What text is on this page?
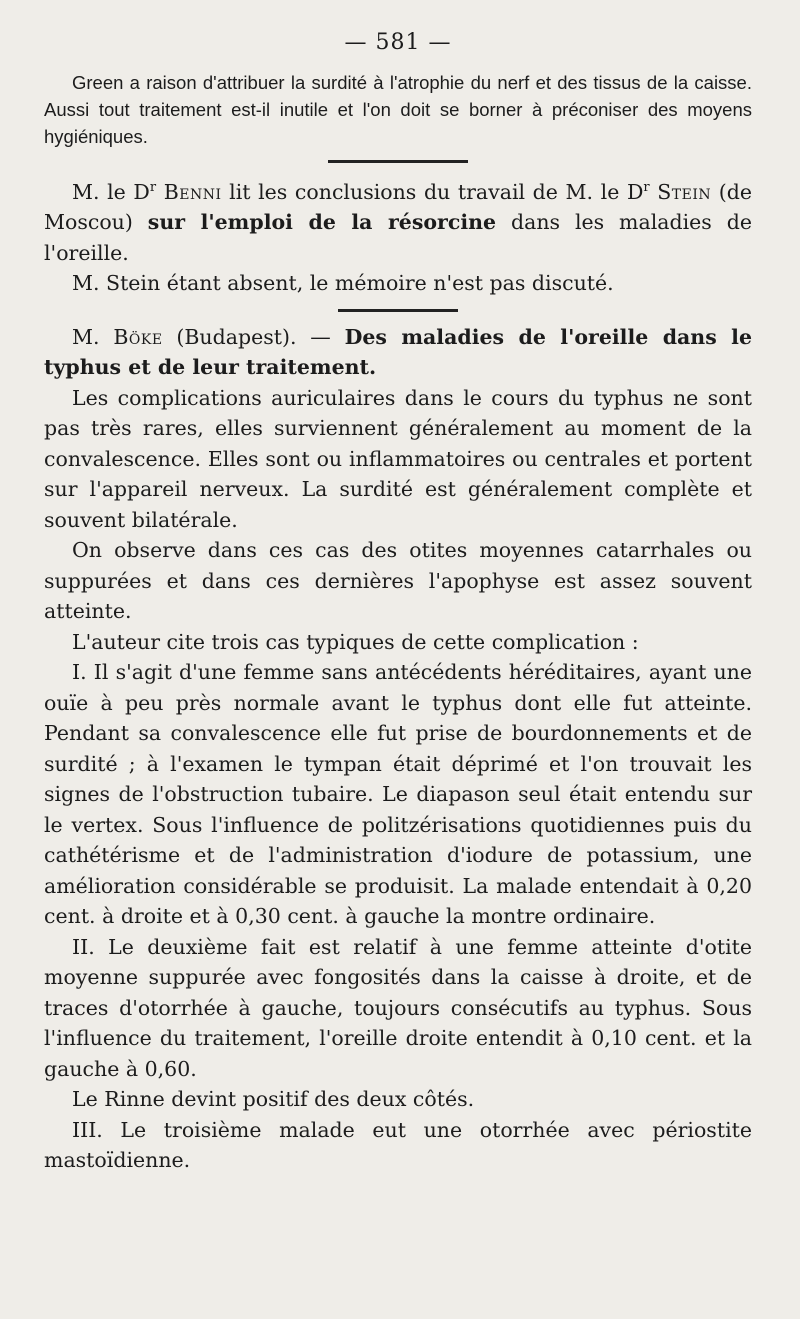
— 581 —

Green a raison d'attribuer la surdité à l'atrophie du nerf et des tissus de la caisse. Aussi tout traitement est-il inutile et l'on doit se borner à préconiser des moyens hygiéniques.

M. le $D^r$ Benni lit les conclusions du travail de M. le $D^r$ Stein (de Moscou) sur l'emploi de la résorcine dans les maladies de l'oreille.

M. Stein étant absent, le mémoire n'est pas discuté.

M. Böke (Budapest). — Des maladies de l'oreille dans le typhus et de leur traitement.

Les complications auriculaires dans le cours du typhus ne sont pas très rares, elles surviennent généralement au moment de la convalescence. Elles sont ou inflammatoires ou centrales et portent sur l'appareil nerveux. La surdité est généralement complète et souvent bilatérale.

On observe dans ces cas des otites moyennes catarrhales ou suppurées et dans ces dernières l'apophyse est assez souvent atteinte.

L'auteur cite trois cas typiques de cette complication :

I. Il s'agit d'une femme sans antécédents héréditaires, ayant une ouïe à peu près normale avant le typhus dont elle fut atteinte. Pendant sa convalescence elle fut prise de bourdonnements et de surdité ; à l'examen le tympan était déprimé et l'on trouvait les signes de l'obstruction tubaire. Le diapason seul était entendu sur le vertex. Sous l'influence de politzérisations quotidiennes puis du cathétérisme et de l'administration d'iodure de potassium, une amélioration considérable se produisit. La malade entendait à 0,20 cent. à droite et à 0,30 cent. à gauche la montre ordinaire.

II. Le deuxième fait est relatif à une femme atteinte d'otite moyenne suppurée avec fongosités dans la caisse à droite, et de traces d'otorrhée à gauche, toujours consécutifs au typhus. Sous l'influence du traitement, l'oreille droite entendit à 0,10 cent. et la gauche à 0,60.

Le Rinne devint positif des deux côtés.

III. Le troisième malade eut une otorrhée avec périostite mastoïdienne.
